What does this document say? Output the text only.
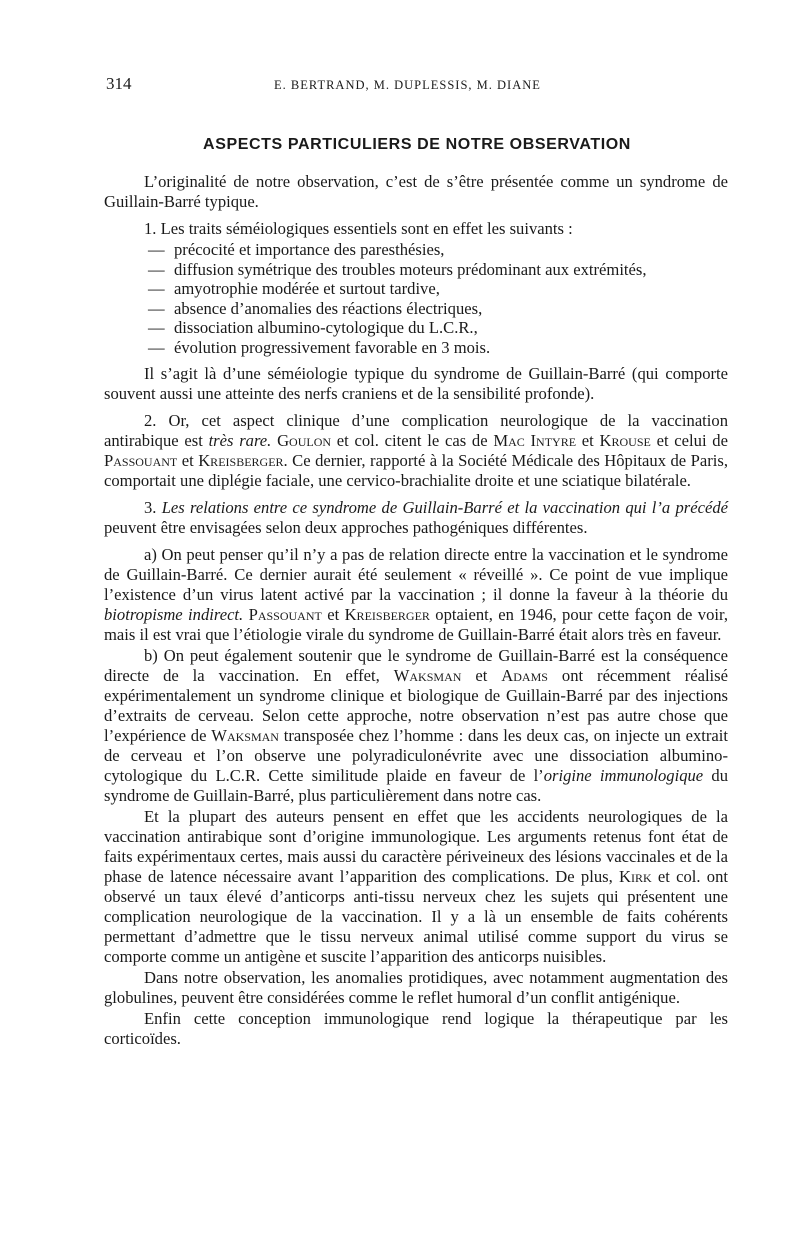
314	E. BERTRAND, M. DUPLESSIS, M. DIANE
ASPECTS PARTICULIERS DE NOTRE OBSERVATION

L’originalité de notre observation, c’est de s’être présentée comme un syndrome de Guillain-Barré typique.

1. Les traits séméiologiques essentiels sont en effet les suivants :

— précocité et importance des paresthésies,
— diffusion symétrique des troubles moteurs prédominant aux extrémités,
— amyotrophie modérée et surtout tardive,
— absence d’anomalies des réactions électriques,
— dissociation albumino-cytologique du L.C.R.,
— évolution progressivement favorable en 3 mois.

Il s’agit là d’une séméiologie typique du syndrome de Guillain-Barré (qui comporte souvent aussi une atteinte des nerfs craniens et de la sensibilité profonde).

2. Or, cet aspect clinique d’une complication neurologique de la vaccination antirabique est très rare. Goulon et col. citent le cas de Mac Intyre et Krouse et celui de Passouant et Kreisberger. Ce dernier, rapporté à la Société Médicale des Hôpitaux de Paris, comportait une diplégie faciale, une cervico-brachialite droite et une sciatique bilatérale.

3. Les relations entre ce syndrome de Guillain-Barré et la vaccination qui l’a précédé peuvent être envisagées selon deux approches pathogéniques différentes.

a) On peut penser qu’il n’y a pas de relation directe entre la vaccination et le syndrome de Guillain-Barré. Ce dernier aurait été seulement « réveillé ». Ce point de vue implique l’existence d’un virus latent activé par la vaccination ; il donne la faveur à la théorie du biotropisme indirect. Passouant et Kreisberger optaient, en 1946, pour cette façon de voir, mais il est vrai que l’étiologie virale du syndrome de Guillain-Barré était alors très en faveur.

b) On peut également soutenir que le syndrome de Guillain-Barré est la conséquence directe de la vaccination. En effet, Waksman et Adams ont récemment réalisé expérimentalement un syndrome clinique et biologique de Guillain-Barré par des injections d’extraits de cerveau. Selon cette approche, notre observation n’est pas autre chose que l’expérience de Waksman transposée chez l’homme : dans les deux cas, on injecte un extrait de cerveau et l’on observe une polyradiculonévrite avec une dissociation albumino-cytologique du L.C.R. Cette similitude plaide en faveur de l’origine immunologique du syndrome de Guillain-Barré, plus particulièrement dans notre cas.

Et la plupart des auteurs pensent en effet que les accidents neurologiques de la vaccination antirabique sont d’origine immunologique. Les arguments retenus font état de faits expérimentaux certes, mais aussi du caractère périveineux des lésions vaccinales et de la phase de latence nécessaire avant l’apparition des complications. De plus, Kirk et col. ont observé un taux élevé d’anticorps anti-tissu nerveux chez les sujets qui présentent une complication neurologique de la vaccination. Il y a là un ensemble de faits cohérents permettant d’admettre que le tissu nerveux animal utilisé comme support du virus se comporte comme un antigène et suscite l’apparition des anticorps nuisibles.

Dans notre observation, les anomalies protidiques, avec notamment augmentation des globulines, peuvent être considérées comme le reflet humoral d’un conflit antigénique.

Enfin cette conception immunologique rend logique la thérapeutique par les corticoïdes.
